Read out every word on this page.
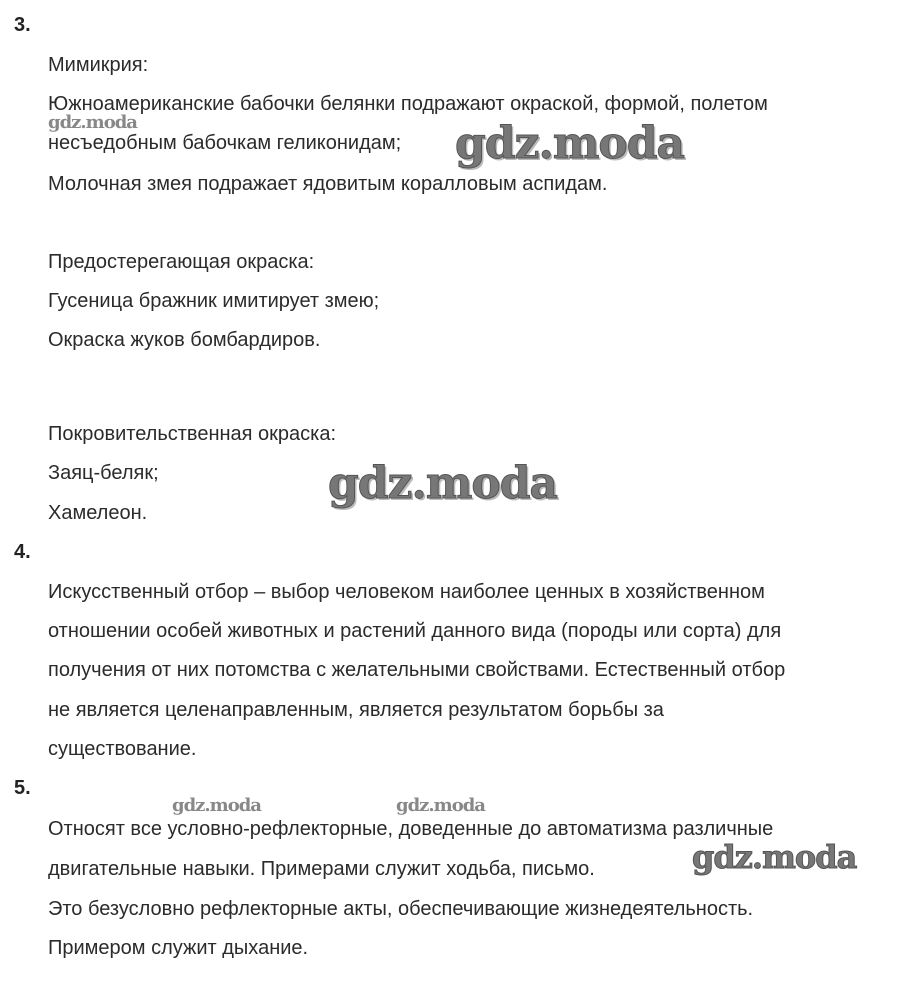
3.
Мимикрия:
Южноамериканские бабочки белянки подражают окраской, формой, полетом
несъедобным бабочкам геликонидам;
Молочная змея подражает ядовитым коралловым аспидам.
Предостерегающая окраска:
Гусеница бражник имитирует змею;
Окраска жуков бомбардиров.
Покровительственная окраска:
Заяц-беляк;
Хамелеон.
4.
Искусственный отбор – выбор человеком наиболее ценных в хозяйственном
отношении особей животных и растений данного вида (породы или сорта) для
получения от них потомства с желательными свойствами. Естественный отбор
не является целенаправленным, является результатом борьбы за
существование.
5.
Относят все условно-рефлекторные, доведенные до автоматизма различные
двигательные навыки. Примерами служит ходьба, письмо.
Это безусловно рефлекторные акты, обеспечивающие жизнедеятельность.
Примером служит дыхание.
gdz.moda	gdz.moda
gdz.moda
gdz.moda	gdz.moda
gdz.moda
